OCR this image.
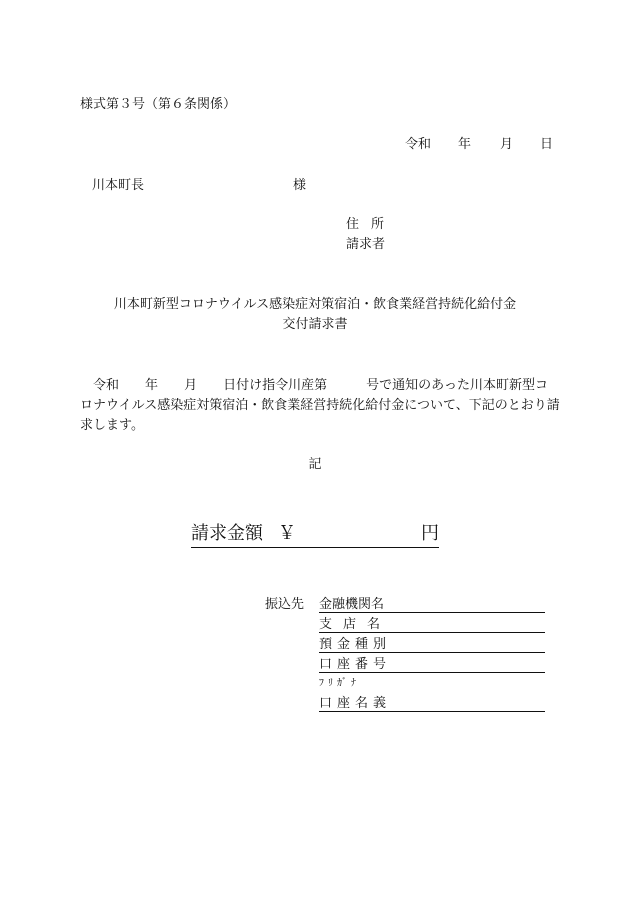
様式第３号（第６条関係）
令和 年 月 日
川本町長	様
住所
請求者
川本町新型コロナウイルス感染症対策宿泊・飲食業経営持続化給付金
交付請求書
令和　　 年　　 月　　 日付け指令川産第　　　	号で通知のあった川本町新型コロナウイルス感染症対策宿泊・飲食業経営持続化給付金について、下記のとおり請求します。
記
請求金額 ￥	円
振込先 金融機関名
支店名
預金種別
口座番号
ﾌﾘｶﾞﾅ
口座名義
